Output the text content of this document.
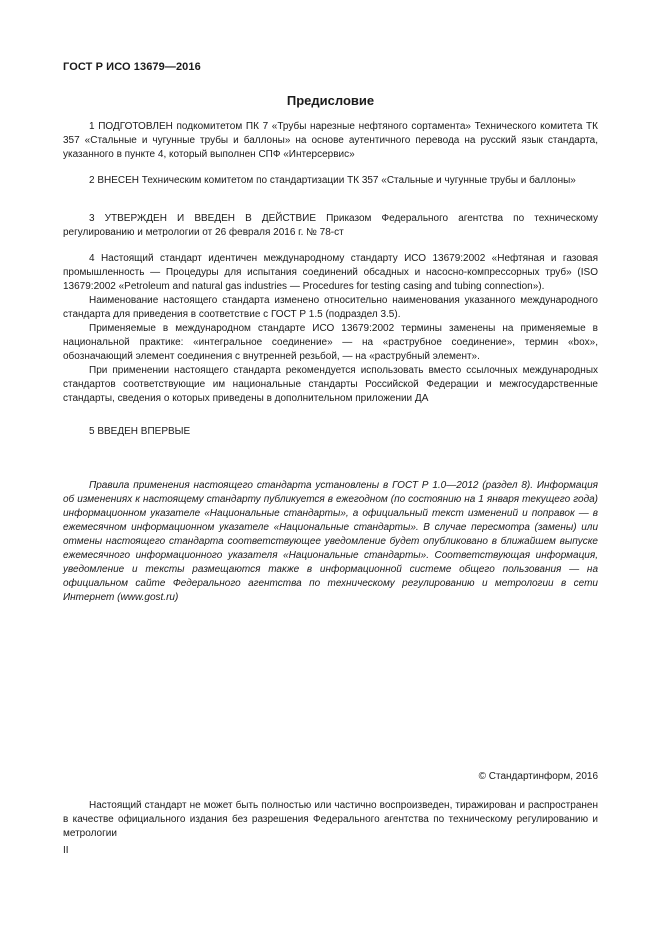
ГОСТ Р ИСО 13679—2016
Предисловие

1 ПОДГОТОВЛЕН подкомитетом ПК 7 «Трубы нарезные нефтяного сортамента» Технического комитета ТК 357 «Стальные и чугунные трубы и баллоны» на основе аутентичного перевода на русский язык стандарта, указанного в пункте 4, который выполнен СПФ «Интерсервис»

2 ВНЕСЕН Техническим комитетом по стандартизации ТК 357 «Стальные и чугунные трубы и баллоны»

3 УТВЕРЖДЕН И ВВЕДЕН В ДЕЙСТВИЕ Приказом Федерального агентства по техническому регулированию и метрологии от 26 февраля 2016 г. № 78-ст

4 Настоящий стандарт идентичен международному стандарту ИСО 13679:2002 «Нефтяная и газовая промышленность — Процедуры для испытания соединений обсадных и насосно-компрессорных труб» (ISO 13679:2002 «Petroleum and natural gas industries — Procedures for testing casing and tubing connection»).

Наименование настоящего стандарта изменено относительно наименования указанного международного стандарта для приведения в соответствие с ГОСТ Р 1.5 (подраздел 3.5).

Применяемые в международном стандарте ИСО 13679:2002 термины заменены на применяемые в национальной практике: «интегральное соединение» — на «раструбное соединение», термин «box», обозначающий элемент соединения с внутренней резьбой, — на «раструбный элемент».

При применении настоящего стандарта рекомендуется использовать вместо ссылочных международных стандартов соответствующие им национальные стандарты Российской Федерации и межгосударственные стандарты, сведения о которых приведены в дополнительном приложении ДА

5 ВВЕДЕН ВПЕРВЫЕ

Правила применения настоящего стандарта установлены в ГОСТ Р 1.0—2012 (раздел 8). Информация об изменениях к настоящему стандарту публикуется в ежегодном (по состоянию на 1 января текущего года) информационном указателе «Национальные стандарты», а официальный текст изменений и поправок — в ежемесячном информационном указателе «Национальные стандарты». В случае пересмотра (замены) или отмены настоящего стандарта соответствующее уведомление будет опубликовано в ближайшем выпуске ежемесячного информационного указателя «Национальные стандарты». Соответствующая информация, уведомление и тексты размещаются также в информационной системе общего пользования — на официальном сайте Федерального агентства по техническому регулированию и метрологии в сети Интернет (www.gost.ru)

© Стандартинформ, 2016

Настоящий стандарт не может быть полностью или частично воспроизведен, тиражирован и распространен в качестве официального издания без разрешения Федерального агентства по техническому регулированию и метрологии

II
